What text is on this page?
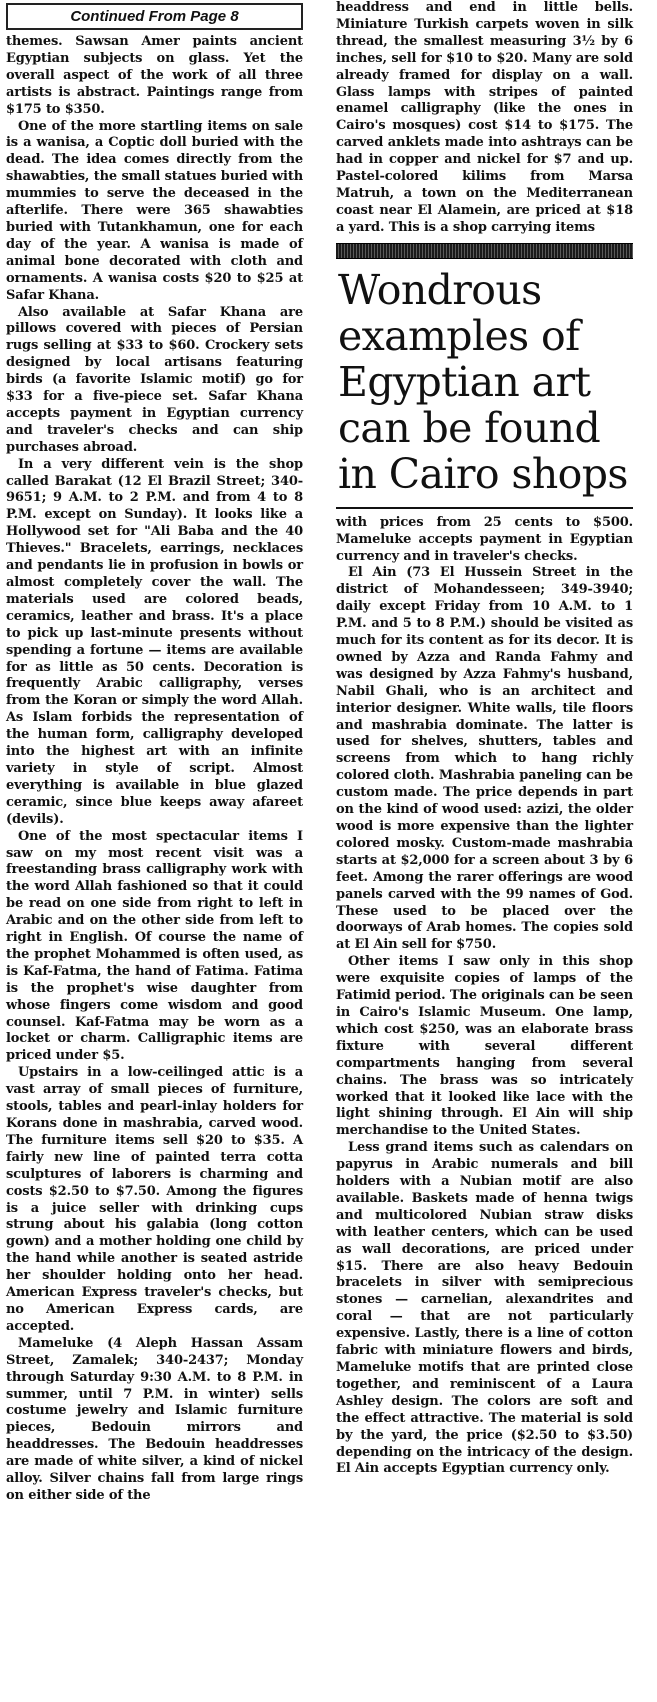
Continued From Page 8

themes. Sawsan Amer paints ancient Egyptian subjects on glass. Yet the overall aspect of the work of all three artists is abstract. Paintings range from $175 to $350.

One of the more startling items on sale is a wanisa, a Coptic doll buried with the dead. The idea comes directly from the shawabties, the small statues buried with mummies to serve the deceased in the afterlife. There were 365 shawabties buried with Tutankhamun, one for each day of the year. A wanisa is made of animal bone decorated with cloth and ornaments. A wanisa costs $20 to $25 at Safar Khana.

Also available at Safar Khana are pillows covered with pieces of Persian rugs selling at $33 to $60. Crockery sets designed by local artisans featuring birds (a favorite Islamic motif) go for $33 for a five-piece set. Safar Khana accepts payment in Egyptian currency and traveler's checks and can ship purchases abroad.

In a very different vein is the shop called Barakat (12 El Brazil Street; 340-9651; 9 A.M. to 2 P.M. and from 4 to 8 P.M. except on Sunday). It looks like a Hollywood set for "Ali Baba and the 40 Thieves." Bracelets, earrings, necklaces and pendants lie in profusion in bowls or almost completely cover the wall. The materials used are colored beads, ceramics, leather and brass. It's a place to pick up last-minute presents without spending a fortune — items are available for as little as 50 cents. Decoration is frequently Arabic calligraphy, verses from the Koran or simply the word Allah. As Islam forbids the representation of the human form, calligraphy developed into the highest art with an infinite variety in style of script. Almost everything is available in blue glazed ceramic, since blue keeps away afareet (devils).

One of the most spectacular items I saw on my most recent visit was a freestanding brass calligraphy work with the word Allah fashioned so that it could be read on one side from right to left in Arabic and on the other side from left to right in English. Of course the name of the prophet Mohammed is often used, as is Kaf-Fatma, the hand of Fatima. Fatima is the prophet's wise daughter from whose fingers come wisdom and good counsel. Kaf-Fatma may be worn as a locket or charm. Calligraphic items are priced under $5.

Upstairs in a low-ceilinged attic is a vast array of small pieces of furniture, stools, tables and pearl-inlay holders for Korans done in mashrabia, carved wood. The furniture items sell $20 to $35. A fairly new line of painted terra cotta sculptures of laborers is charming and costs $2.50 to $7.50. Among the figures is a juice seller with drinking cups strung about his galabia (long cotton gown) and a mother holding one child by the hand while another is seated astride her shoulder holding onto her head. American Express traveler's checks, but no American Express cards, are accepted.

Mameluke (4 Aleph Hassan Assam Street, Zamalek; 340-2437; Monday through Saturday 9:30 A.M. to 8 P.M. in summer, until 7 P.M. in winter) sells costume jewelry and Islamic furniture pieces, Bedouin mirrors and headdresses. The Bedouin headdresses are made of white silver, a kind of nickel alloy. Silver chains fall from large rings on either side of the

headdress and end in little bells. Miniature Turkish carpets woven in silk thread, the smallest measuring 3½ by 6 inches, sell for $10 to $20. Many are sold already framed for display on a wall. Glass lamps with stripes of painted enamel calligraphy (like the ones in Cairo's mosques) cost $14 to $175. The carved anklets made into ashtrays can be had in copper and nickel for $7 and up. Pastel-colored kilims from Marsa Matruh, a town on the Mediterranean coast near El Alamein, are priced at $18 a yard. This is a shop carrying items

Wondrous examples of Egyptian art can be found in Cairo shops

with prices from 25 cents to $500. Mameluke accepts payment in Egyptian currency and in traveler's checks.

El Ain (73 El Hussein Street in the district of Mohandesseen; 349-3940; daily except Friday from 10 A.M. to 1 P.M. and 5 to 8 P.M.) should be visited as much for its content as for its decor. It is owned by Azza and Randa Fahmy and was designed by Azza Fahmy's husband, Nabil Ghali, who is an architect and interior designer. White walls, tile floors and mashrabia dominate. The latter is used for shelves, shutters, tables and screens from which to hang richly colored cloth. Mashrabia paneling can be custom made. The price depends in part on the kind of wood used: azizi, the older wood is more expensive than the lighter colored mosky. Custom-made mashrabia starts at $2,000 for a screen about 3 by 6 feet. Among the rarer offerings are wood panels carved with the 99 names of God. These used to be placed over the doorways of Arab homes. The copies sold at El Ain sell for $750.

Other items I saw only in this shop were exquisite copies of lamps of the Fatimid period. The originals can be seen in Cairo's Islamic Museum. One lamp, which cost $250, was an elaborate brass fixture with several different compartments hanging from several chains. The brass was so intricately worked that it looked like lace with the light shining through. El Ain will ship merchandise to the United States.

Less grand items such as calendars on papyrus in Arabic numerals and bill holders with a Nubian motif are also available. Baskets made of henna twigs and multicolored Nubian straw disks with leather centers, which can be used as wall decorations, are priced under $15. There are also heavy Bedouin bracelets in silver with semiprecious stones — carnelian, alexandrites and coral — that are not particularly expensive. Lastly, there is a line of cotton fabric with miniature flowers and birds, Mameluke motifs that are printed close together, and reminiscent of a Laura Ashley design. The colors are soft and the effect attractive. The material is sold by the yard, the price ($2.50 to $3.50) depending on the intricacy of the design. El Ain accepts Egyptian currency only.
